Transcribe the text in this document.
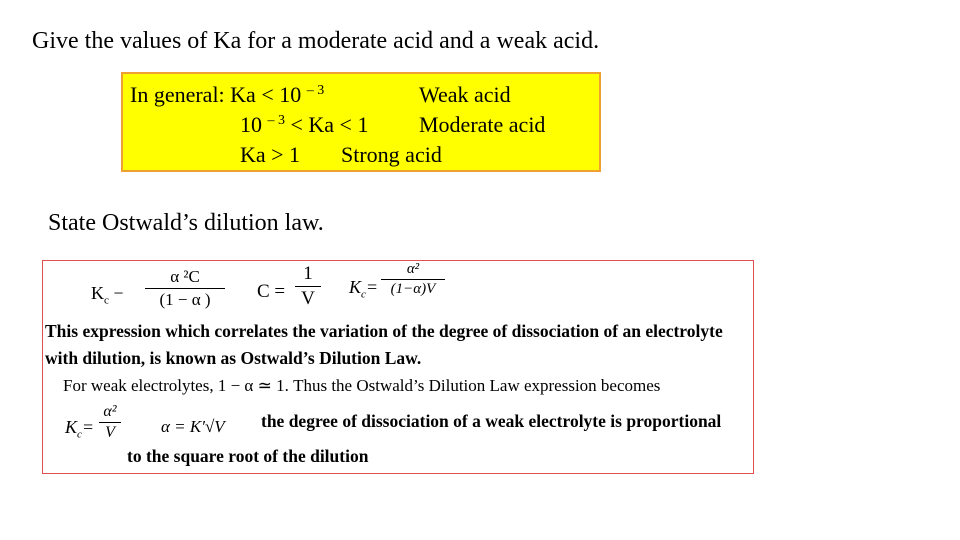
Give the values of Ka for a moderate acid and a weak acid.
In general: Ka < 10 $^{- 3}$	Weak acid
10 $^{- 3}$ < Ka < 1 Moderate acid
Ka > 1 Strong acid
State Ostwald’s dilution law.
$K_c$ −
α ²C
(1 − α )	C =
1
V
$K_c=$
α²
(1−α)V
This expression which correlates the variation of the degree of dissociation of an electrolyte
with dilution, is known as Ostwald’s Dilution Law.
For weak electrolytes, 1 − α ≃ 1. Thus the Ostwald’s Dilution Law expression becomes
$K_c=$
α²
V	α = K′√V the degree of dissociation of a weak electrolyte is proportional
to the square root of the dilution
